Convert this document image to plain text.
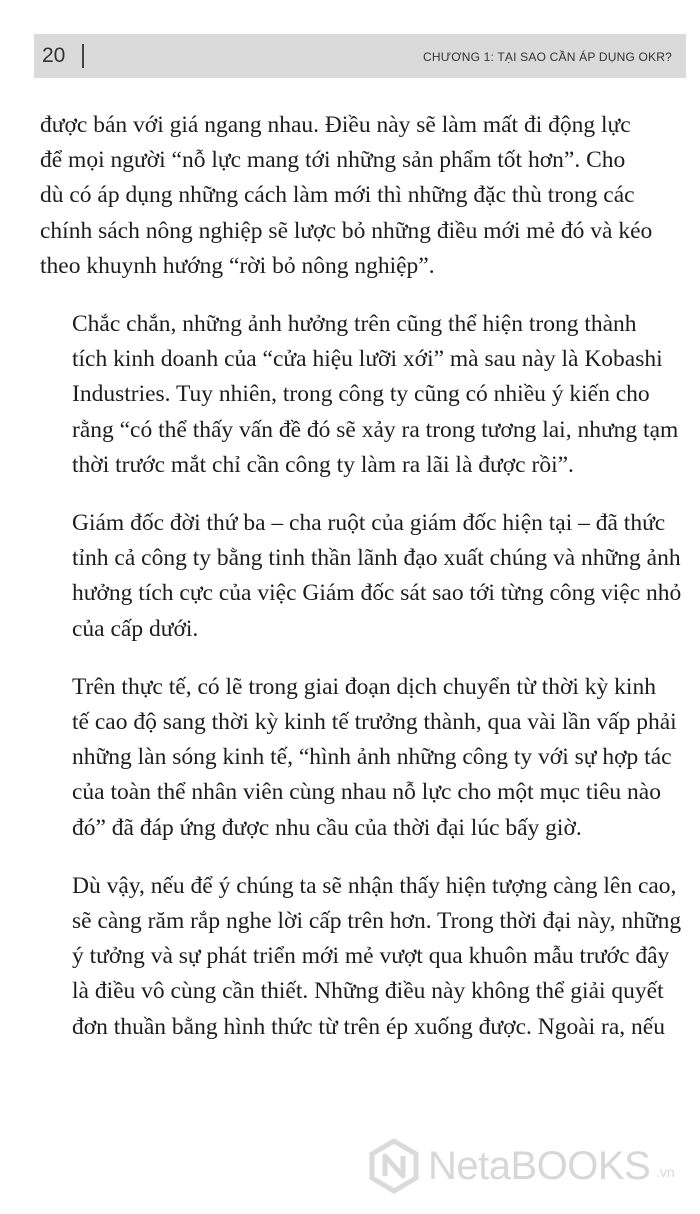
20	CHƯƠNG 1: TẠI SAO CẦN ÁP DỤNG OKR?

được bán với giá ngang nhau. Điều này sẽ làm mất đi động lực
để mọi người “nỗ lực mang tới những sản phẩm tốt hơn”. Cho
dù có áp dụng những cách làm mới thì những đặc thù trong các
chính sách nông nghiệp sẽ lược bỏ những điều mới mẻ đó và kéo
theo khuynh hướng “rời bỏ nông nghiệp”.

Chắc chắn, những ảnh hưởng trên cũng thể hiện trong thành
tích kinh doanh của “cửa hiệu lưỡi xới” mà sau này là Kobashi
Industries. Tuy nhiên, trong công ty cũng có nhiều ý kiến cho
rằng “có thể thấy vấn đề đó sẽ xảy ra trong tương lai, nhưng tạm
thời trước mắt chỉ cần công ty làm ra lãi là được rồi”.

Giám đốc đời thứ ba – cha ruột của giám đốc hiện tại – đã thức
tỉnh cả công ty bằng tinh thần lãnh đạo xuất chúng và những ảnh
hưởng tích cực của việc Giám đốc sát sao tới từng công việc nhỏ
của cấp dưới.

Trên thực tế, có lẽ trong giai đoạn dịch chuyển từ thời kỳ kinh
tế cao độ sang thời kỳ kinh tế trưởng thành, qua vài lần vấp phải
những làn sóng kinh tế, “hình ảnh những công ty với sự hợp tác
của toàn thể nhân viên cùng nhau nỗ lực cho một mục tiêu nào
đó” đã đáp ứng được nhu cầu của thời đại lúc bấy giờ.

Dù vậy, nếu để ý chúng ta sẽ nhận thấy hiện tượng càng lên cao,
sẽ càng răm rắp nghe lời cấp trên hơn. Trong thời đại này, những
ý tưởng và sự phát triển mới mẻ vượt qua khuôn mẫu trước đây
là điều vô cùng cần thiết. Những điều này không thể giải quyết
đơn thuần bằng hình thức từ trên ép xuống được. Ngoài ra, nếu

NetaBOOKS .vn
